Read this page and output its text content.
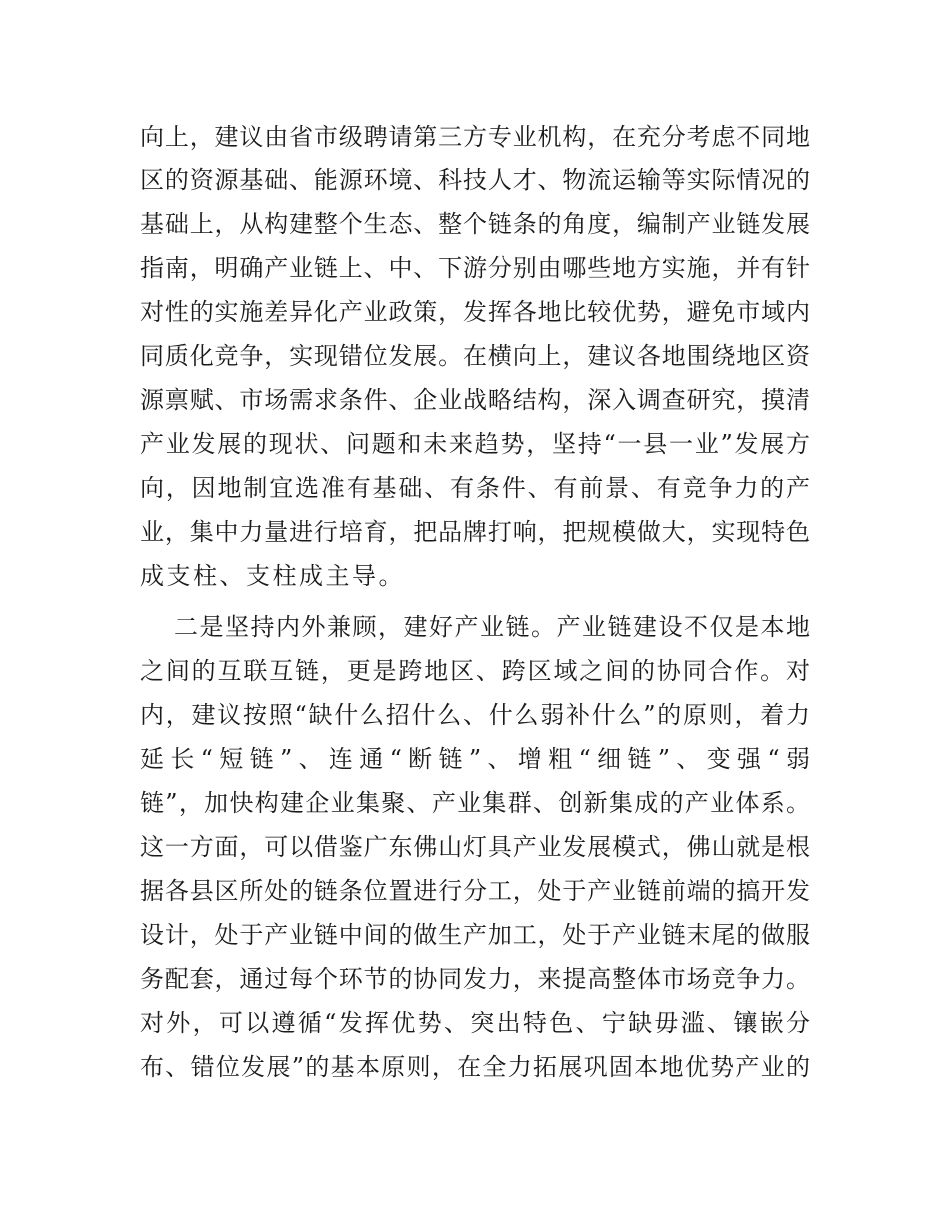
向上，建议由省市级聘请第三方专业机构，在充分考虑不同地
区的资源基础、能源环境、科技人才、物流运输等实际情况的
基础上，从构建整个生态、整个链条的角度，编制产业链发展
指南，明确产业链上、中、下游分别由哪些地方实施，并有针
对性的实施差异化产业政策，发挥各地比较优势，避免市域内
同质化竞争，实现错位发展。在横向上，建议各地围绕地区资
源禀赋、市场需求条件、企业战略结构，深入调查研究，摸清
产业发展的现状、问题和未来趋势，坚持“一县一业”发展方
向，因地制宜选准有基础、有条件、有前景、有竞争力的产
业，集中力量进行培育，把品牌打响，把规模做大，实现特色
成支柱、支柱成主导。
二是坚持内外兼顾，建好产业链。产业链建设不仅是本地
之间的互联互链，更是跨地区、跨区域之间的协同合作。对
内，建议按照“缺什么招什么、什么弱补什么”的原则，着力
延长“短链”、连通“断链”、增粗“细链”、变强“弱
链”，加快构建企业集聚、产业集群、创新集成的产业体系。
这一方面，可以借鉴广东佛山灯具产业发展模式，佛山就是根
据各县区所处的链条位置进行分工，处于产业链前端的搞开发
设计，处于产业链中间的做生产加工，处于产业链末尾的做服
务配套，通过每个环节的协同发力，来提高整体市场竞争力。
对外，可以遵循“发挥优势、突出特色、宁缺毋滥、镶嵌分
布、错位发展”的基本原则，在全力拓展巩固本地优势产业的
